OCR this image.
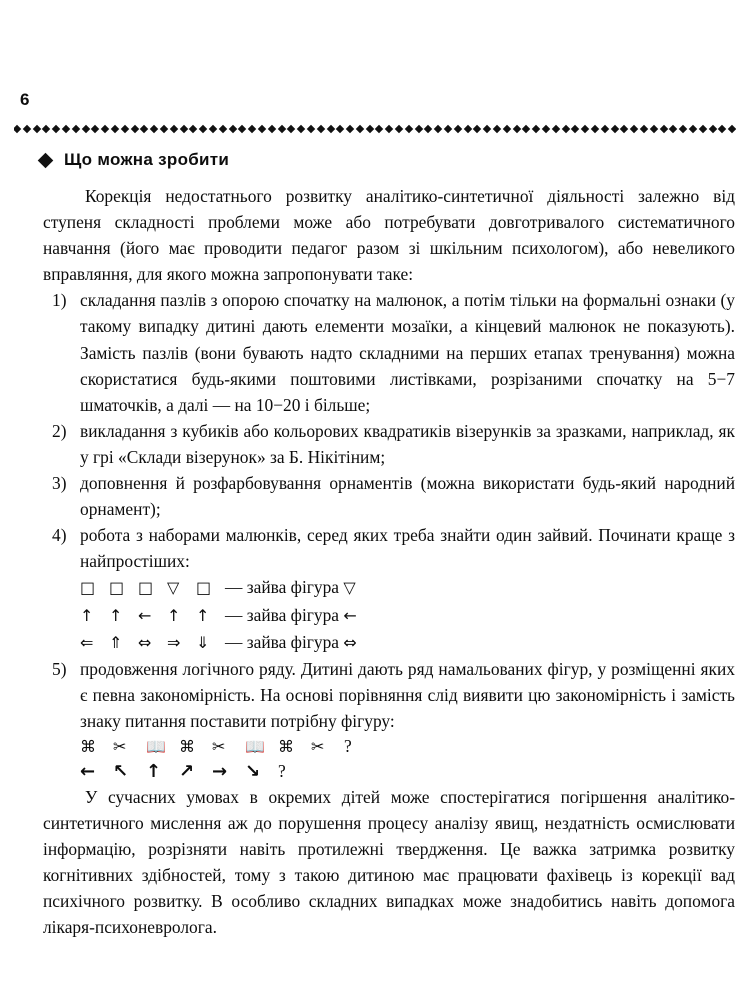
6
Що можна зробити

Корекція недостатнього розвитку аналітико-синтетичної діяльності залежно від ступеня складності проблеми може або потребувати довготривалого систематичного навчання (його має проводити педагог разом зі шкільним психологом), або невеликого вправляння, для якого можна запропонувати таке:

1) складання пазлів з опорою спочатку на малюнок, а потім тільки на формальні ознаки (у такому випадку дитині дають елементи мозаїки, а кінцевий малюнок не показують). Замість пазлів (вони бувають надто складними на перших етапах тренування) можна скористатися будь-якими поштовими листівками, розрізаними спочатку на 5−7 шматочків, а далі — на 10−20 і більше;
2) викладання з кубиків або кольорових квадратиків візерунків за зразками, наприклад, як у грі «Склади візерунок» за Б. Нікітіним;
3) доповнення й розфарбовування орнаментів (можна використати будь-який народний орнамент);
4) робота з наборами малюнків, серед яких треба знайти один зайвий. Починати краще з найпростіших:
□ □ □ ▽	□ — зайва фігура ▽
↑ ↑ ← ↑ ↑ — зайва фігура ←
⇐ ⇑ ⇔ ⇒ ⇓ — зайва фігура ⇔
5) продовження логічного ряду. Дитині дають ряд намальованих фігур, у розміщенні яких є певна закономірність. На основі порівняння слід виявити цю закономірність і замість знаку питання поставити потрібну фігуру:
⌘ ✂ 📖 ⌘ ✂ 📖 ⌘ ✂ ?
← ↖ ↑ ↗ → ↘ ?

У сучасних умовах в окремих дітей може спостерігатися погіршення аналітико-синтетичного мислення аж до порушення процесу аналізу явищ, нездатність осмислювати інформацію, розрізняти навіть протилежні твердження. Це важка затримка розвитку когнітивних здібностей, тому з такою дитиною має працювати фахівець із корекції вад психічного розвитку. В особливо складних випадках може знадобитись навіть допомога лікаря-психоневролога.
